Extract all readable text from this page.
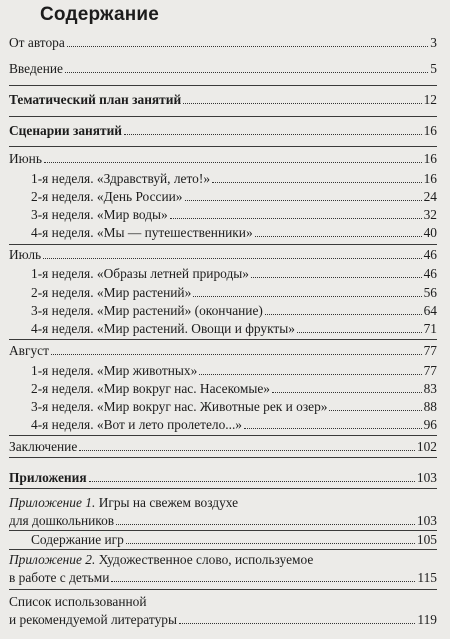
Содержание
От автора	3
Введение	5
Тематический план занятий	12
Сценарии занятий	16
Июнь	16
1-я неделя. «Здравствуй, лето!»	16
2-я неделя. «День России»	24
3-я неделя. «Мир воды»	32
4-я неделя. «Мы — путешественники»	40
Июль	46
1-я неделя. «Образы летней природы»	46
2-я неделя. «Мир растений»	56
3-я неделя. «Мир растений» (окончание)	64
4-я неделя. «Мир растений. Овощи и фрукты»	71
Август	77
1-я неделя. «Мир животных»	77
2-я неделя. «Мир вокруг нас. Насекомые»	83
3-я неделя. «Мир вокруг нас. Животные рек и озер»	88
4-я неделя. «Вот и лето пролетело...»	96
Заключение	102
Приложения	103
Приложение 1. Игры на свежем воздухе
для дошкольников	103
Содержание игр	105
Приложение 2. Художественное слово, используемое
в работе с детьми	115
Список использованной
и рекомендуемой литературы	119
